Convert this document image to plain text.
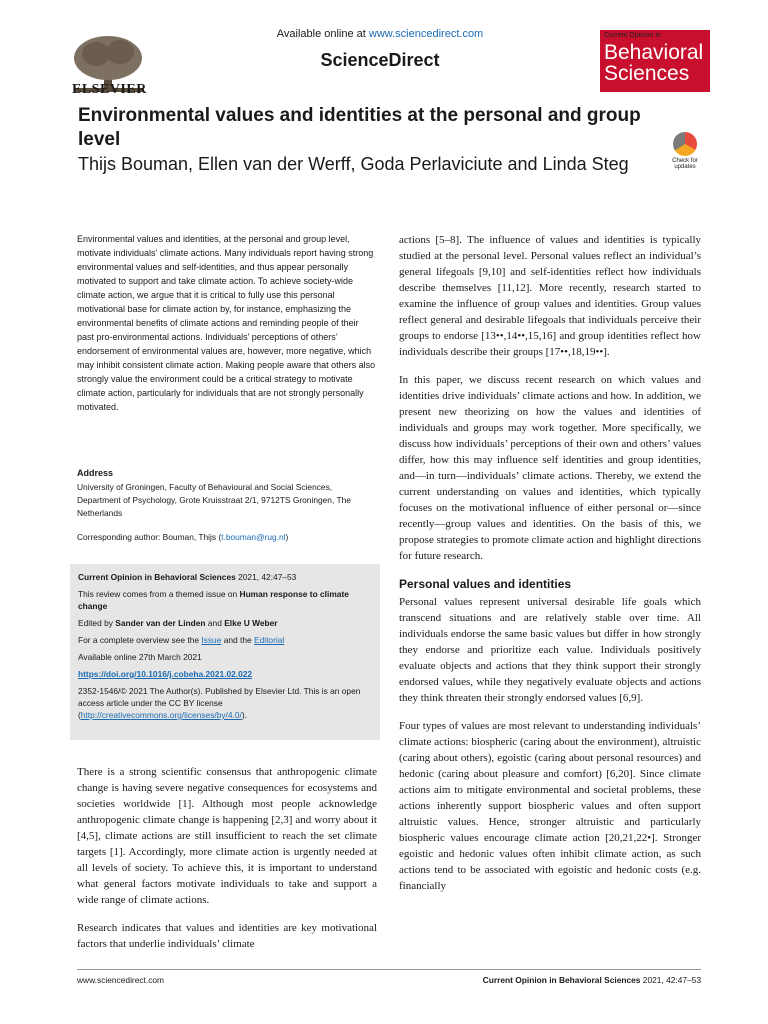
ELSEVIER
Available online at www.sciencedirect.com
ScienceDirect
Current Opinion in
Behavioral
Sciences
Environmental values and identities at the personal and group level
Thijs Bouman, Ellen van der Werff, Goda Perlaviciute and Linda Steg	Check for updates
Environmental values and identities, at the personal and group level, motivate individuals’ climate actions. Many individuals report having strong environmental values and self-identities, and thus appear personally motivated to support and take climate action. To achieve society-wide climate action, we argue that it is critical to fully use this personal motivational base for climate action by, for instance, emphasizing the environmental benefits of climate actions and reminding people of their past pro-environmental actions. Individuals’ perceptions of others’ endorsement of environmental values are, however, more negative, which may inhibit consistent climate action. Making people aware that others also strongly value the environment could be a critical strategy to motivate climate action, particularly for individuals that are not strongly personally motivated.
Address
University of Groningen, Faculty of Behavioural and Social Sciences, Department of Psychology, Grote Kruisstraat 2/1, 9712TS Groningen, The Netherlands
Corresponding author: Bouman, Thijs (t.bouman@rug.nl)

Current Opinion in Behavioral Sciences 2021, 42:47–53

This review comes from a themed issue on Human response to climate change

Edited by Sander van der Linden and Elke U Weber

For a complete overview see the Issue and the Editorial

Available online 27th March 2021

https://doi.org/10.1016/j.cobeha.2021.02.022

2352-1546/© 2021 The Author(s). Published by Elsevier Ltd. This is an open access article under the CC BY license (http://creativecommons.org/licenses/by/4.0/).

There is a strong scientific consensus that anthropogenic climate change is having severe negative consequences for ecosystems and societies worldwide [1]. Although most people acknowledge anthropogenic climate change is happening [2,3] and worry about it [4,5], climate actions are still insufficient to reach the set climate targets [1]. Accordingly, more climate action is urgently needed at all levels of society. To achieve this, it is important to understand what general factors motivate individuals to take and support a wide range of climate actions.

Research indicates that values and identities are key motivational factors that underlie individuals’ climate

actions [5–8]. The influence of values and identities is typically studied at the personal level. Personal values reflect an individual’s general lifegoals [9,10] and self-identities reflect how individuals describe themselves [11,12]. More recently, research started to examine the influence of group values and identities. Group values reflect general and desirable lifegoals that individuals perceive their groups to endorse [13••,14••,15,16] and group identities reflect how individuals describe their groups [17••,18,19••].

In this paper, we discuss recent research on which values and identities drive individuals’ climate actions and how. In addition, we present new theorizing on how the values and identities of individuals and groups may work together. More specifically, we discuss how individuals’ perceptions of their own and others’ values differ, how this may influence self identities and group identities, and—in turn—individuals’ climate actions. Thereby, we extend the current understanding on values and identities, which typically focuses on the motivational influence of either personal or—since recently—group values and identities. On the basis of this, we propose strategies to promote climate action and highlight directions for future research.

Personal values and identities

Personal values represent universal desirable life goals which transcend situations and are relatively stable over time. All individuals endorse the same basic values but differ in how strongly they endorse and prioritize each value. Individuals positively evaluate objects and actions that they think support their strongly endorsed values, while they negatively evaluate objects and actions they think threaten their strongly endorsed values [6,9].

Four types of values are most relevant to understanding individuals’ climate actions: biospheric (caring about the environment), altruistic (caring about others), egoistic (caring about personal resources) and hedonic (caring about pleasure and comfort) [6,20]. Since climate actions aim to mitigate environmental and societal problems, these actions inherently support biospheric values and often support altruistic values. Hence, stronger altruistic and particularly biospheric values encourage climate action [20,21,22•]. Stronger egoistic and hedonic values often inhibit climate action, as such actions tend to be associated with egoistic and hedonic costs (e.g. financially

www.sciencedirect.com	Current Opinion in Behavioral Sciences 2021, 42:47–53
